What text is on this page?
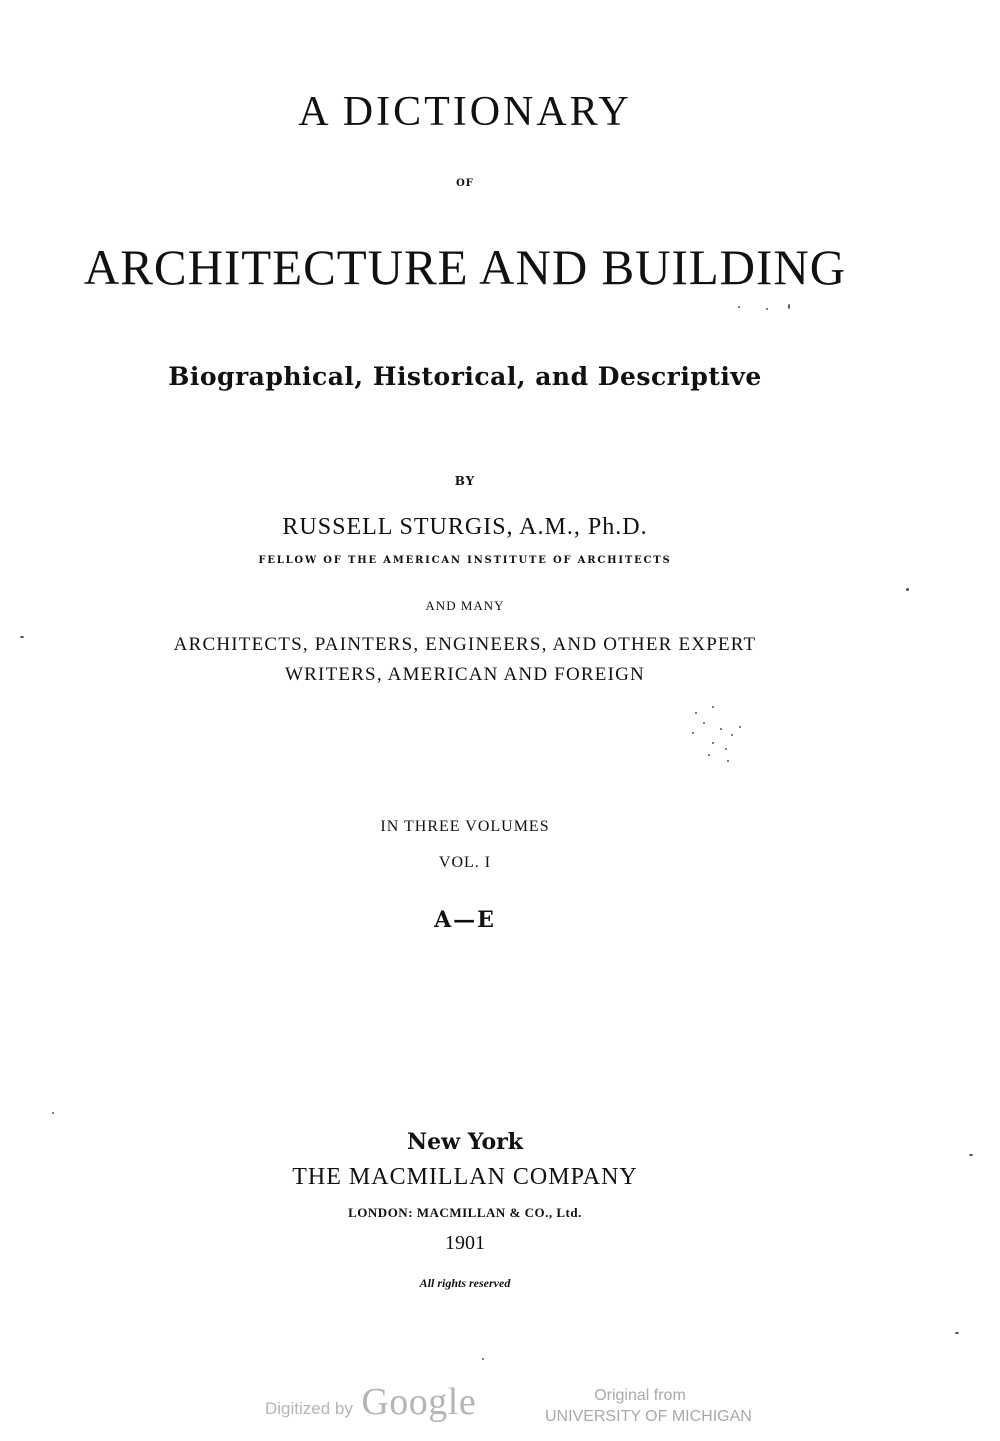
A DICTIONARY
OF
ARCHITECTURE AND BUILDING
Biographical, Historical, and Descriptive
BY
RUSSELL STURGIS, A.M., Ph.D.
FELLOW OF THE AMERICAN INSTITUTE OF ARCHITECTS
AND MANY
ARCHITECTS, PAINTERS, ENGINEERS, AND OTHER EXPERT
WRITERS, AMERICAN AND FOREIGN
IN THREE VOLUMES
VOL. I
A—E
New York
THE MACMILLAN COMPANY
LONDON: MACMILLAN & CO., Ltd.
1901
All rights reserved
Digitized by Google	Original from
UNIVERSITY OF MICHIGAN
